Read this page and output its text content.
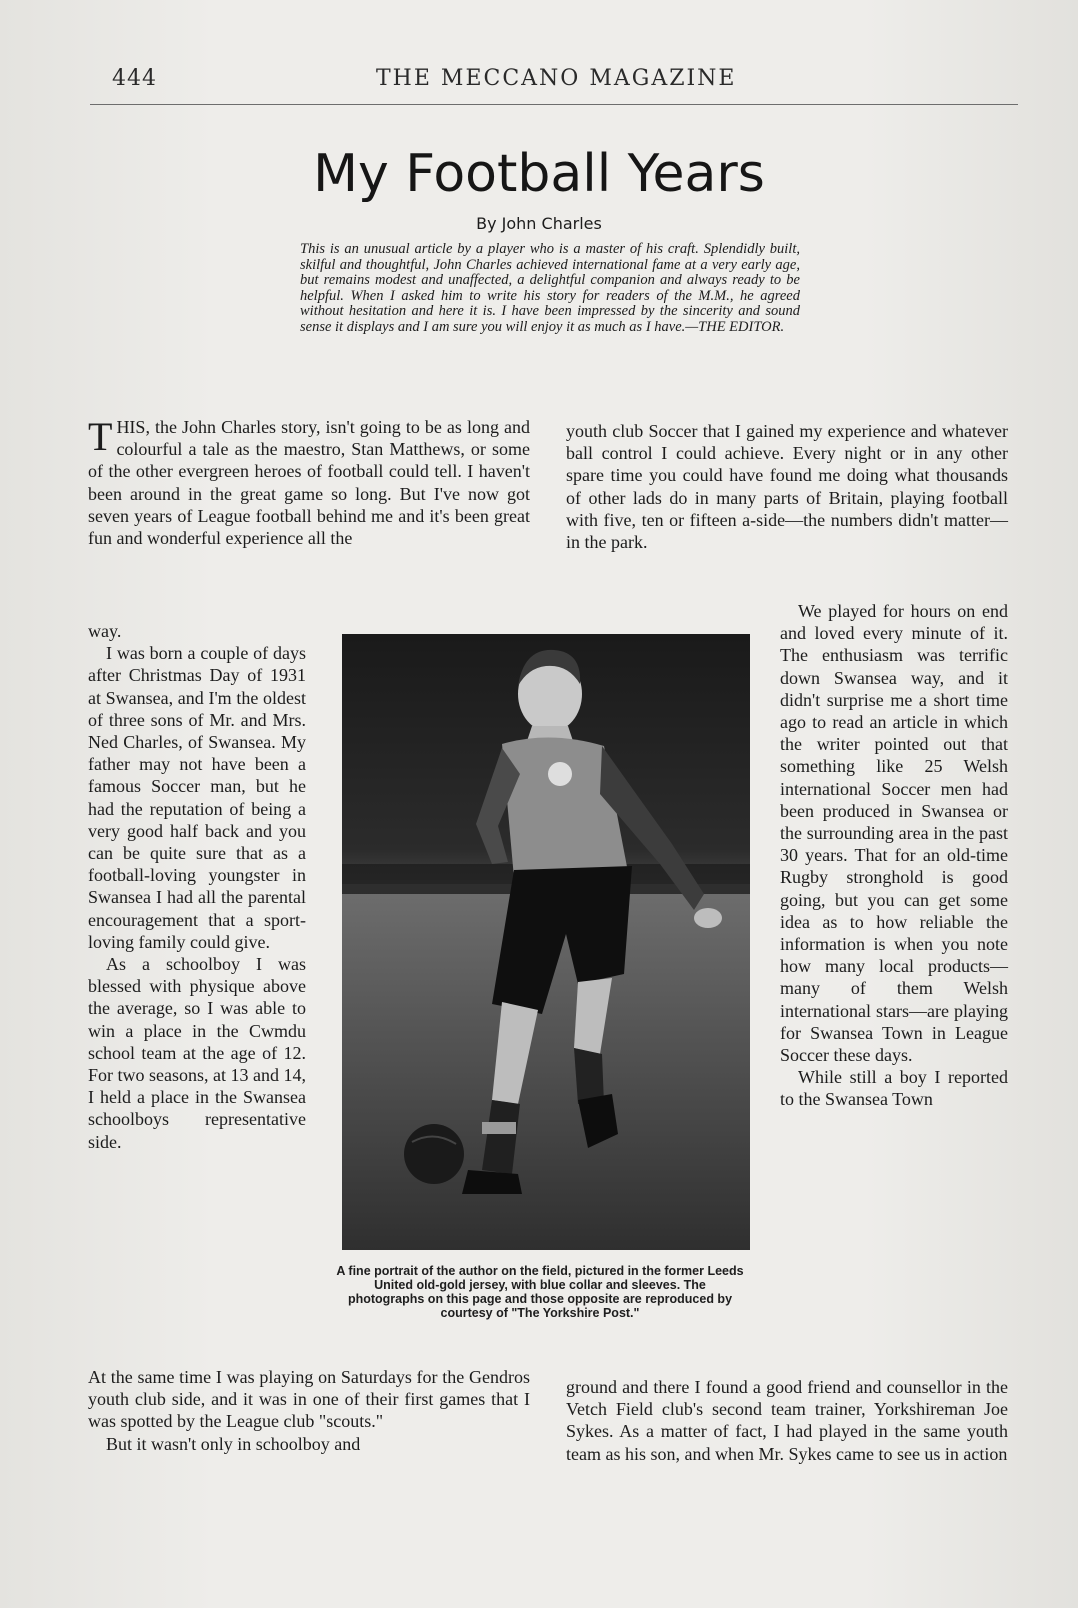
444	THE MECCANO MAGAZINE
My Football Years
By John Charles
This is an unusual article by a player who is a master of his craft. Splendidly built, skilful and thoughtful, John Charles achieved international fame at a very early age, but remains modest and unaffected, a delightful companion and always ready to be helpful. When I asked him to write his story for readers of the M.M., he agreed without hesitation and here it is. I have been impressed by the sincerity and sound sense it displays and I am sure you will enjoy it as much as I have.—THE EDITOR.

THIS, the John Charles story, isn't going to be as long and colourful a tale as the maestro, Stan Matthews, or some of the other evergreen heroes of football could tell. I haven't been around in the great game so long. But I've now got seven years of League football behind me and it's been great fun and wonderful experience all the

way.

I was born a couple of days after Christmas Day of 1931 at Swansea, and I'm the oldest of three sons of Mr. and Mrs. Ned Charles, of Swansea. My father may not have been a famous Soccer man, but he had the reputation of being a very good half back and you can be quite sure that as a football-loving youngster in Swansea I had all the parental encouragement that a sport-loving family could give.

As a schoolboy I was blessed with physique above the average, so I was able to win a place in the Cwmdu school team at the age of 12. For two seasons, at 13 and 14, I held a place in the Swansea schoolboys representative side.

At the same time I was playing on Saturdays for the Gendros youth club side, and it was in one of their first games that I was spotted by the League club "scouts."

But it wasn't only in schoolboy and

youth club Soccer that I gained my experience and whatever ball control I could achieve. Every night or in any other spare time you could have found me doing what thousands of other lads do in many parts of Britain, playing football with five, ten or fifteen a-side—the numbers didn't matter—in the park.

We played for hours on end and loved every minute of it. The enthusiasm was terrific down Swansea way, and it didn't surprise me a short time ago to read an article in which the writer pointed out that something like 25 Welsh international Soccer men had been produced in Swansea or the surrounding area in the past 30 years. That for an old-time Rugby stronghold is good going, but you can get some idea as to how reliable the information is when you note how many local products—many of them Welsh international stars—are playing for Swansea Town in League Soccer these days.

While still a boy I reported to the Swansea Town

ground and there I found a good friend and counsellor in the Vetch Field club's second team trainer, Yorkshireman Joe Sykes. As a matter of fact, I had played in the same youth team as his son, and when Mr. Sykes came to see us in action

A fine portrait of the author on the field, pictured in the former Leeds United old-gold jersey, with blue collar and sleeves. The photographs on this page and those opposite are reproduced by courtesy of "The Yorkshire Post."
